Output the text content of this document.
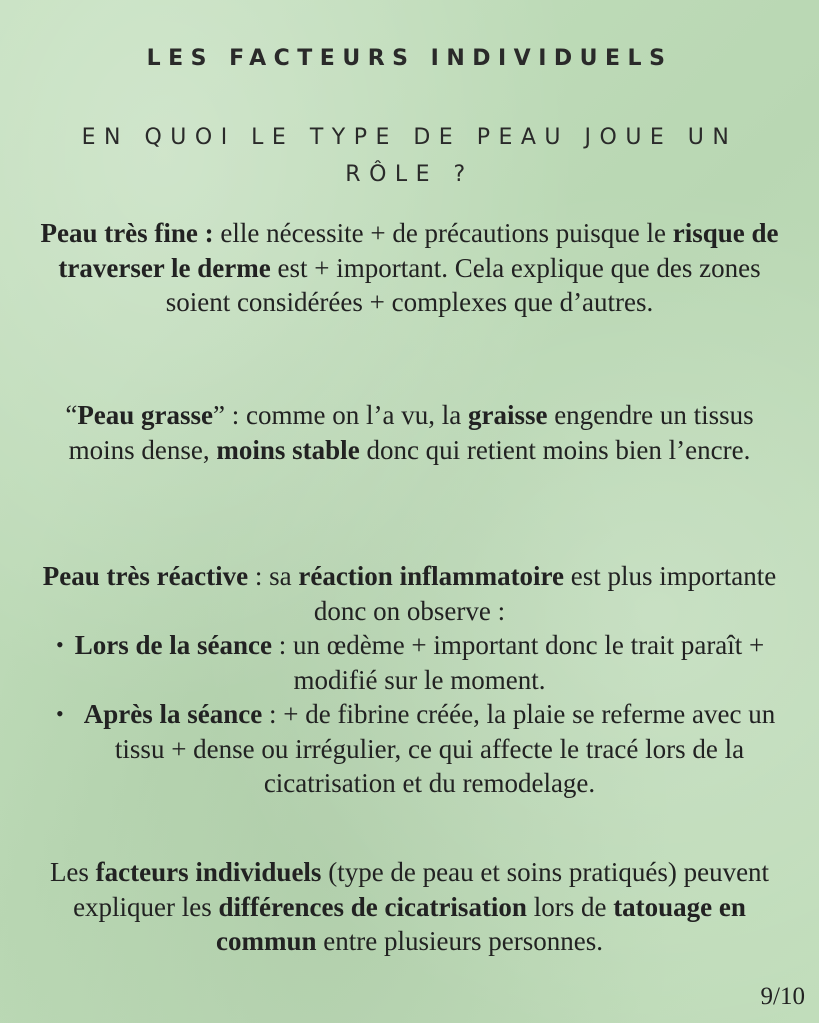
LES FACTEURS INDIVIDUELS
EN QUOI LE TYPE DE PEAU JOUE UN RÔLE ?

Peau très fine : elle nécessite + de précautions puisque le risque de traverser le derme est + important. Cela explique que des zones soient considérées + complexes que d’autres.

“Peau grasse” : comme on l’a vu, la graisse engendre un tissus moins dense, moins stable donc qui retient moins bien l’encre.

Peau très réactive : sa réaction inflammatoire est plus importante donc on observe :
• Lors de la séance : un œdème + important donc le trait paraît + modifié sur le moment.
• Après la séance : + de fibrine créée, la plaie se referme avec un tissu + dense ou irrégulier, ce qui affecte le tracé lors de la cicatrisation et du remodelage.

Les facteurs individuels (type de peau et soins pratiqués) peuvent expliquer les différences de cicatrisation lors de tatouage en commun entre plusieurs personnes.

9/10
